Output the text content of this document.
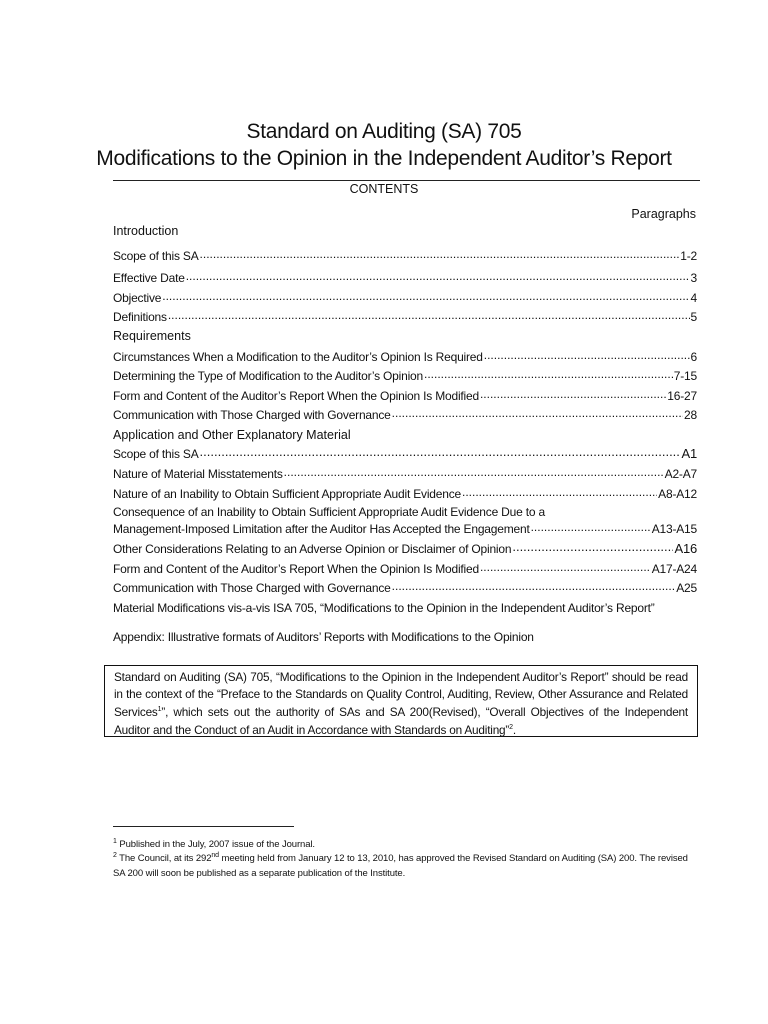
Standard on Auditing (SA) 705
Modifications to the Opinion in the Independent Auditor’s Report
CONTENTS
Paragraphs
Introduction
Scope of this SA .....	1-2
Effective Date .....	3
Objective .....	4
Definitions .....	5
Requirements
Circumstances When a Modification to the Auditor’s Opinion Is Required .....	6
Determining the Type of Modification to the Auditor’s Opinion .....	7-15
Form and Content of the Auditor’s Report When the Opinion Is Modified .....	16-27
Communication with Those Charged with Governance .....	28
Application and Other Explanatory Material
Scope of this SA .....	A1
Nature of Material Misstatements .....	A2-A7
Nature of an Inability to Obtain Sufficient Appropriate Audit Evidence .....	A8-A12
Consequence of an Inability to Obtain Sufficient Appropriate Audit Evidence Due to a
Management-Imposed Limitation after the Auditor Has Accepted the Engagement .....	A13-A15
Other Considerations Relating to an Adverse Opinion or Disclaimer of Opinion .....	A16
Form and Content of the Auditor’s Report When the Opinion Is Modified .....	A17-A24
Communication with Those Charged with Governance .....	A25
Material Modifications vis-a-vis ISA 705, “Modifications to the Opinion in the Independent Auditor’s Report”
Appendix: Illustrative formats of Auditors’ Reports with Modifications to the Opinion
Standard on Auditing (SA) 705, “Modifications to the Opinion in the Independent Auditor’s Report” should be read in the context of the “Preface to the Standards on Quality Control, Auditing, Review, Other Assurance and Related Services$^1$”, which sets out the authority of SAs and SA 200(Revised), “Overall Objectives of the Independent Auditor and the Conduct of an Audit in Accordance with Standards on Auditing”$^2$.
$^1$ Published in the July, 2007 issue of the Journal.
$^2$ The Council, at its 292nd meeting held from January 12 to 13, 2010, has approved the Revised Standard on Auditing (SA) 200. The revised SA 200 will soon be published as a separate publication of the Institute.
